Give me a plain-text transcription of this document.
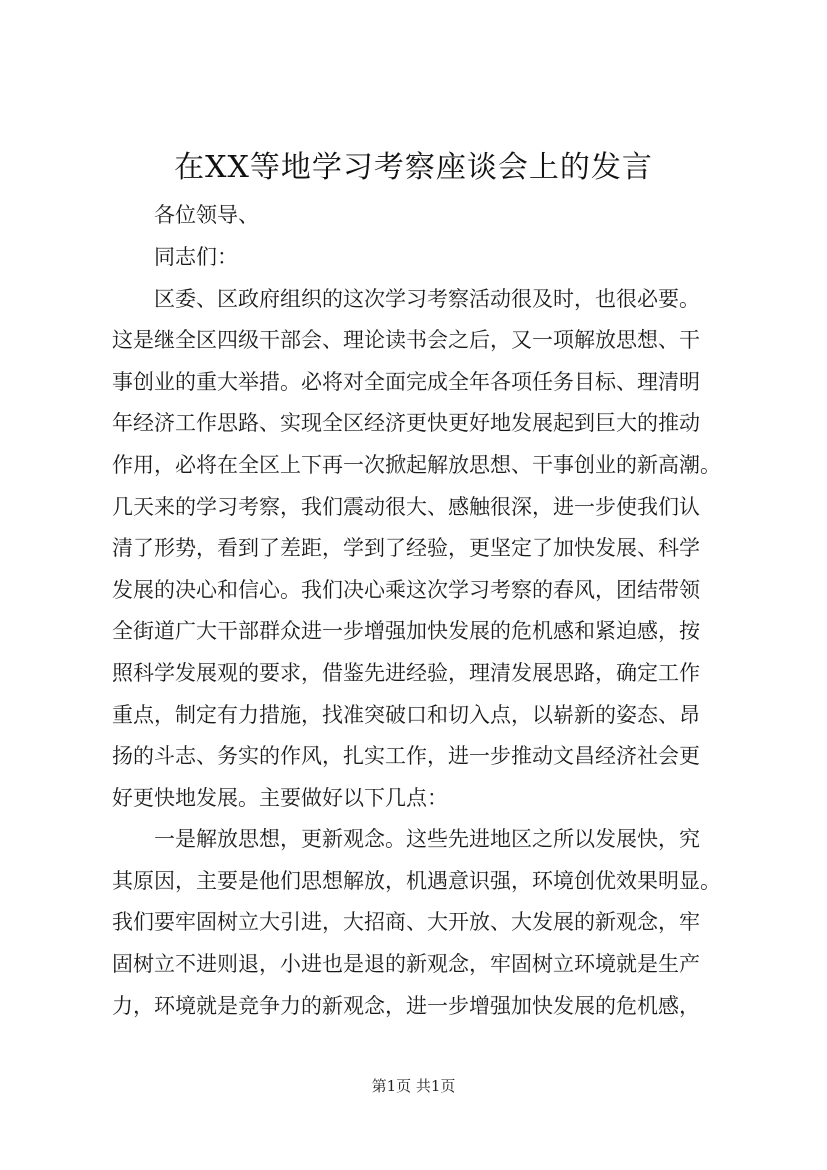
在XX等地学习考察座谈会上的发言
各位领导、
同志们：
区委、区政府组织的这次学习考察活动很及时，也很必要。
这是继全区四级干部会、理论读书会之后，又一项解放思想、干
事创业的重大举措。必将对全面完成全年各项任务目标、理清明
年经济工作思路、实现全区经济更快更好地发展起到巨大的推动
作用，必将在全区上下再一次掀起解放思想、干事创业的新高潮。
几天来的学习考察，我们震动很大、感触很深，进一步使我们认
清了形势，看到了差距，学到了经验，更坚定了加快发展、科学
发展的决心和信心。我们决心乘这次学习考察的春风，团结带领
全街道广大干部群众进一步增强加快发展的危机感和紧迫感，按
照科学发展观的要求，借鉴先进经验，理清发展思路，确定工作
重点，制定有力措施，找准突破口和切入点，以崭新的姿态、昂
扬的斗志、务实的作风，扎实工作，进一步推动文昌经济社会更
好更快地发展。主要做好以下几点：
一是解放思想，更新观念。这些先进地区之所以发展快，究
其原因，主要是他们思想解放，机遇意识强，环境创优效果明显。
我们要牢固树立大引进，大招商、大开放、大发展的新观念，牢
固树立不进则退，小进也是退的新观念，牢固树立环境就是生产
力，环境就是竞争力的新观念，进一步增强加快发展的危机感，
第1页 共1页
